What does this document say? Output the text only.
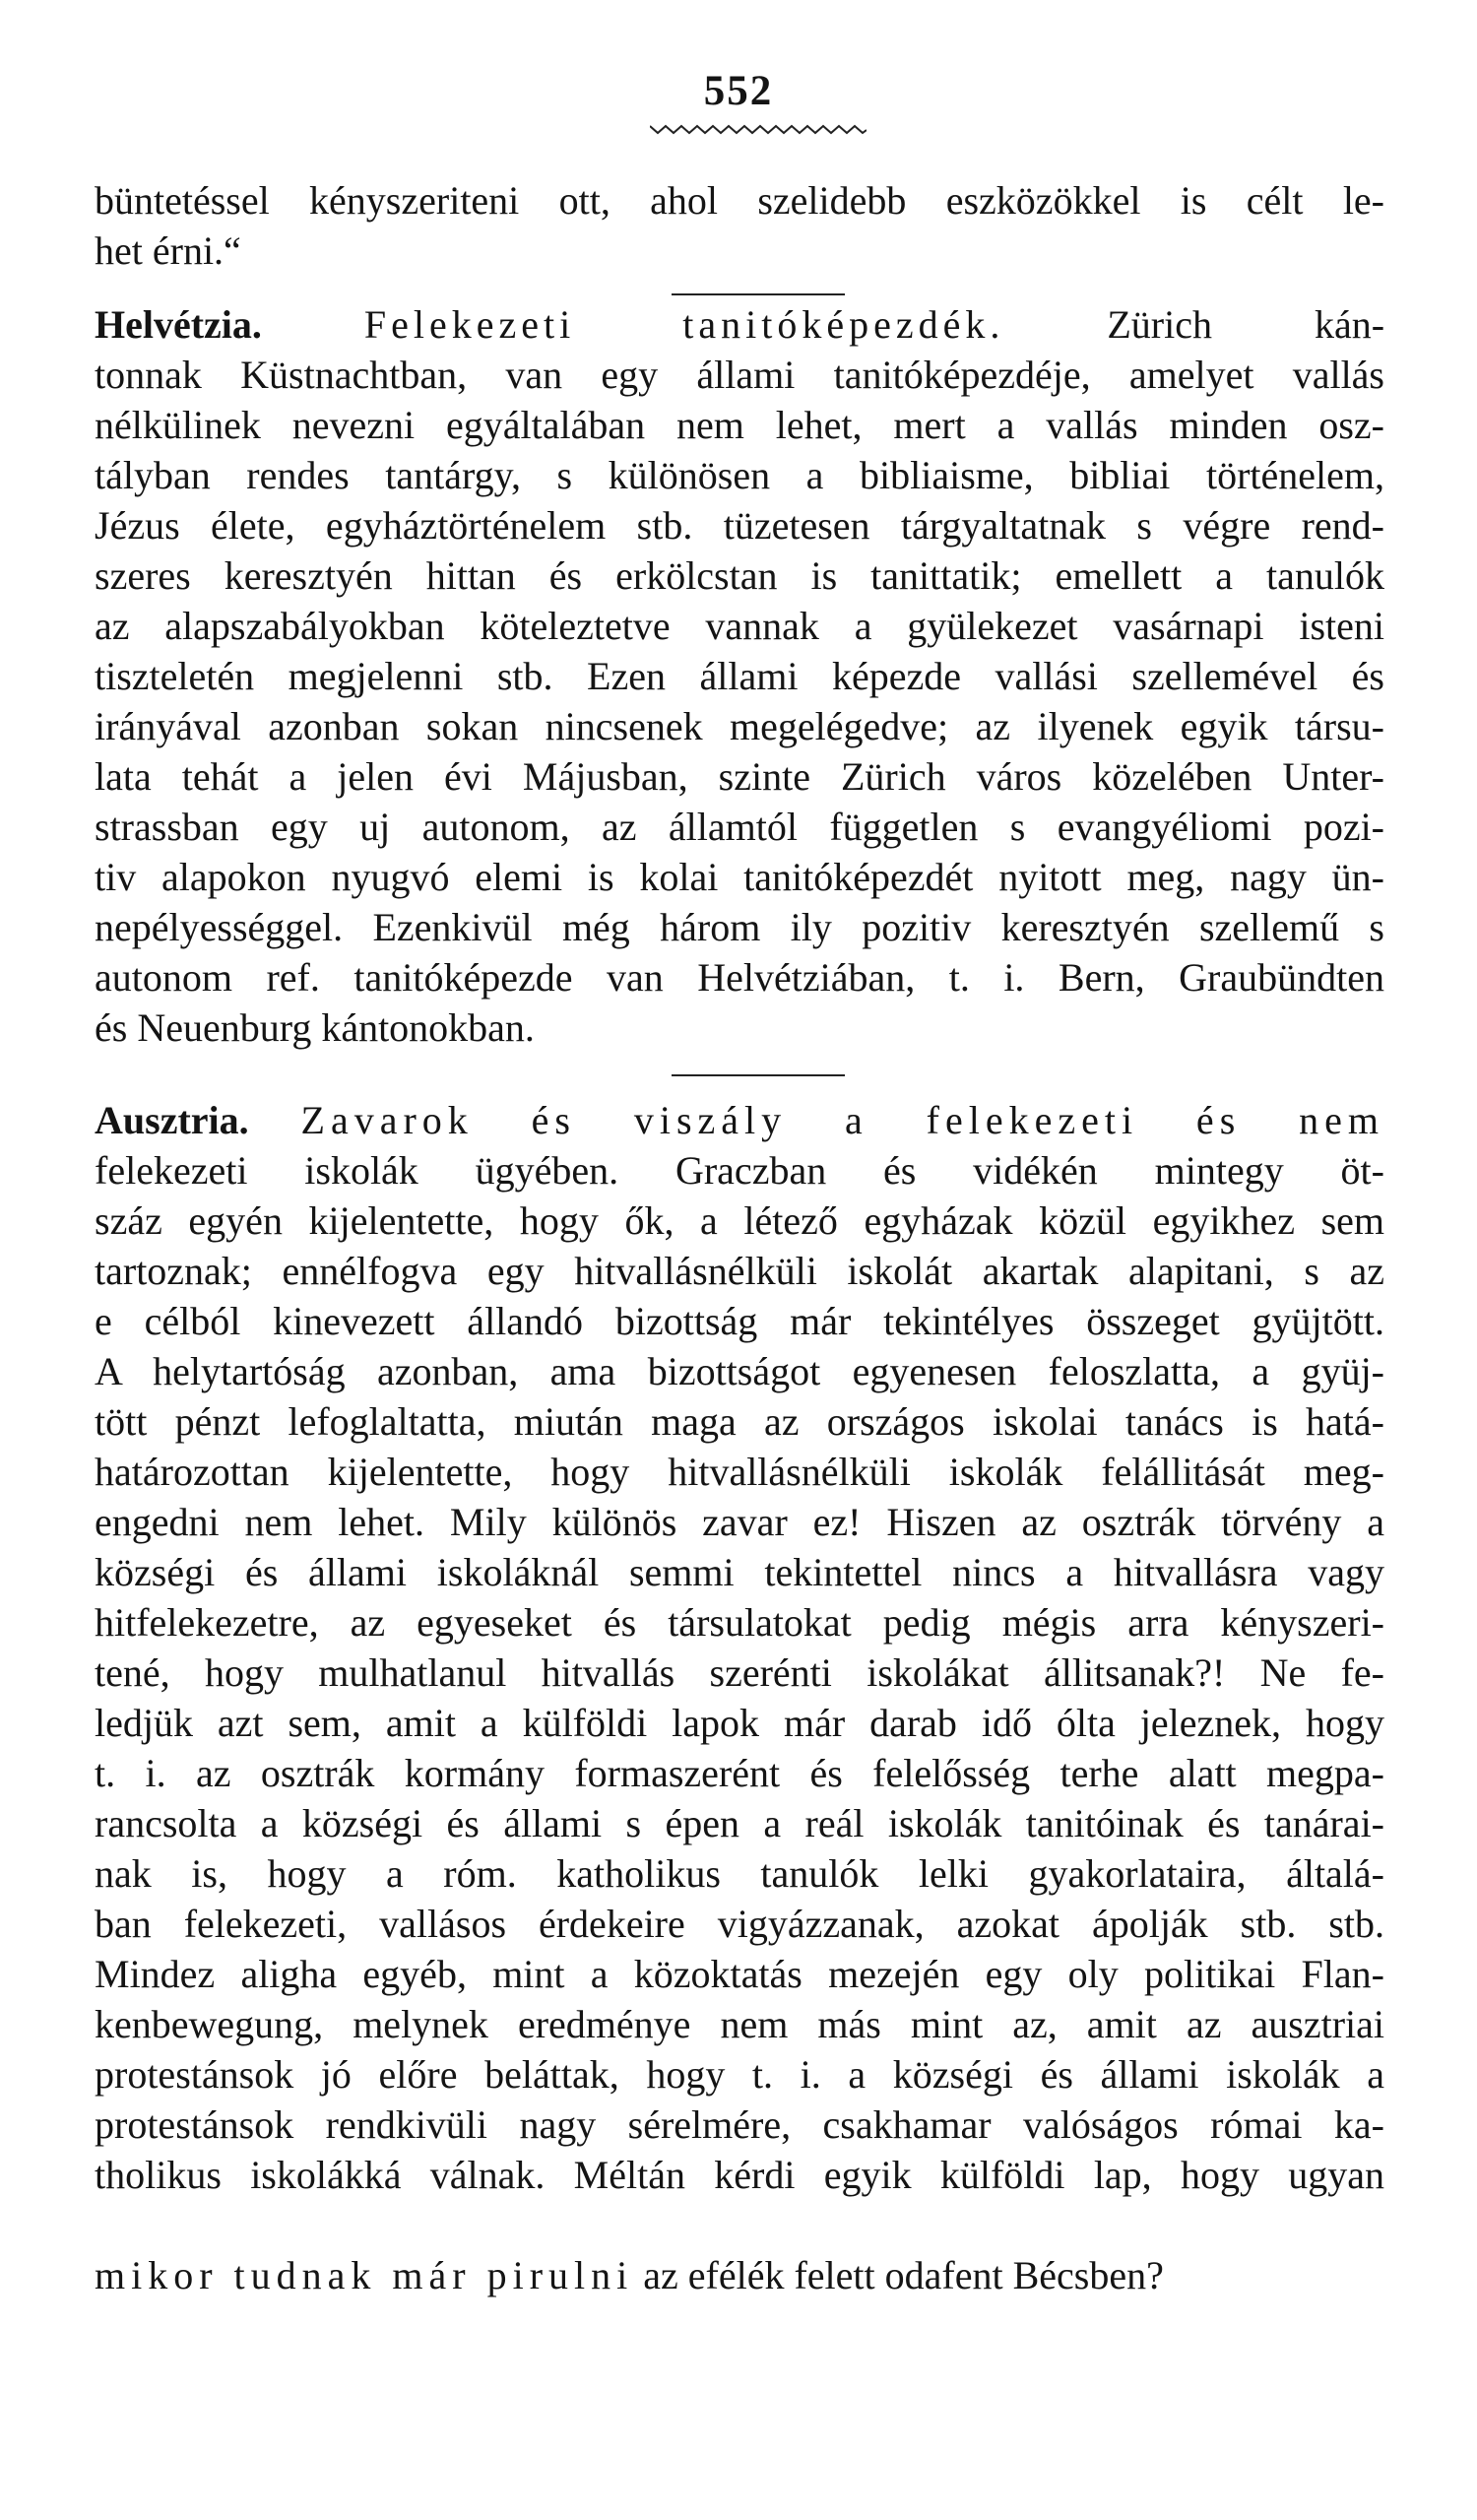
552
büntetéssel kényszeriteni ott, ahol szelidebb eszközökkel is célt le-
het érni.“
Helvétzia.	Felekezeti tanitóképezdék.	Zürich kán-
tonnak Küstnachtban, van egy állami tanitóképezdéje, amelyet vallás
nélkülinek nevezni egyáltalában nem lehet, mert a vallás minden osz-
tályban rendes tantárgy, s különösen a bibliaisme, bibliai történelem,
Jézus élete, egyháztörténelem stb. tüzetesen tárgyaltatnak s végre rend-
szeres keresztyén hittan és erkölcstan is tanittatik; emellett a tanulók
az alapszabályokban köteleztetve vannak a gyülekezet vasárnapi isteni
tiszteletén megjelenni stb. Ezen állami képezde vallási szellemével és
irányával azonban sokan nincsenek megelégedve; az ilyenek egyik társu-
lata tehát a jelen évi Májusban, szinte Zürich város közelében Unter-
strassban egy uj autonom, az államtól független s evangyéliomi pozi-
tiv alapokon nyugvó elemi is kolai tanitóképezdét nyitott meg, nagy ün-
nepélyességgel. Ezenkivül még három ily pozitiv keresztyén szellemű s
autonom ref. tanitóképezde van Helvétziában, t. i. Bern, Graubündten
és Neuenburg kántonokban.
Ausztria. Zavarok és viszály a felekezeti és nem
felekezeti iskolák ügyében. Graczban és vidékén mintegy öt-
száz egyén kijelentette, hogy ők, a létező egyházak közül egyikhez sem
tartoznak; ennélfogva egy hitvallásnélküli iskolát akartak alapitani, s az
e célból kinevezett állandó bizottság már tekintélyes összeget gyüjtött.
A helytartóság azonban, ama bizottságot egyenesen feloszlatta, a gyüj-
tött pénzt lefoglaltatta, miután maga az országos iskolai tanács is hatá-
határozottan kijelentette, hogy hitvallásnélküli iskolák felállitását meg-
engedni nem lehet. Mily különös zavar ez! Hiszen az osztrák törvény a
községi és állami iskoláknál semmi tekintettel nincs a hitvallásra vagy
hitfelekezetre, az egyeseket és társulatokat pedig mégis arra kényszeri-
tené, hogy mulhatlanul hitvallás szerénti iskolákat állitsanak?! Ne fe-
ledjük azt sem, amit a külföldi lapok már darab idő ólta jeleznek, hogy
t. i. az osztrák kormány formaszerént és felelősség terhe alatt megpa-
rancsolta a községi és állami s épen a reál iskolák tanitóinak és tanárai-
nak is, hogy a róm. katholikus tanulók lelki gyakorlataira, általá-
ban felekezeti, vallásos érdekeire vigyázzanak, azokat ápolják stb. stb.
Mindez aligha egyéb, mint a közoktatás mezején egy oly politikai Flan-
kenbewegung, melynek eredménye nem más mint az, amit az ausztriai
protestánsok jó előre beláttak, hogy t. i. a községi és állami iskolák a
protestánsok rendkivüli nagy sérelmére, csakhamar valóságos római ka-
tholikus iskolákká válnak. Méltán kérdi egyik külföldi lap, hogy ugyan
mikor tudnak már pirulni az efélék felett odafent Bécsben?
